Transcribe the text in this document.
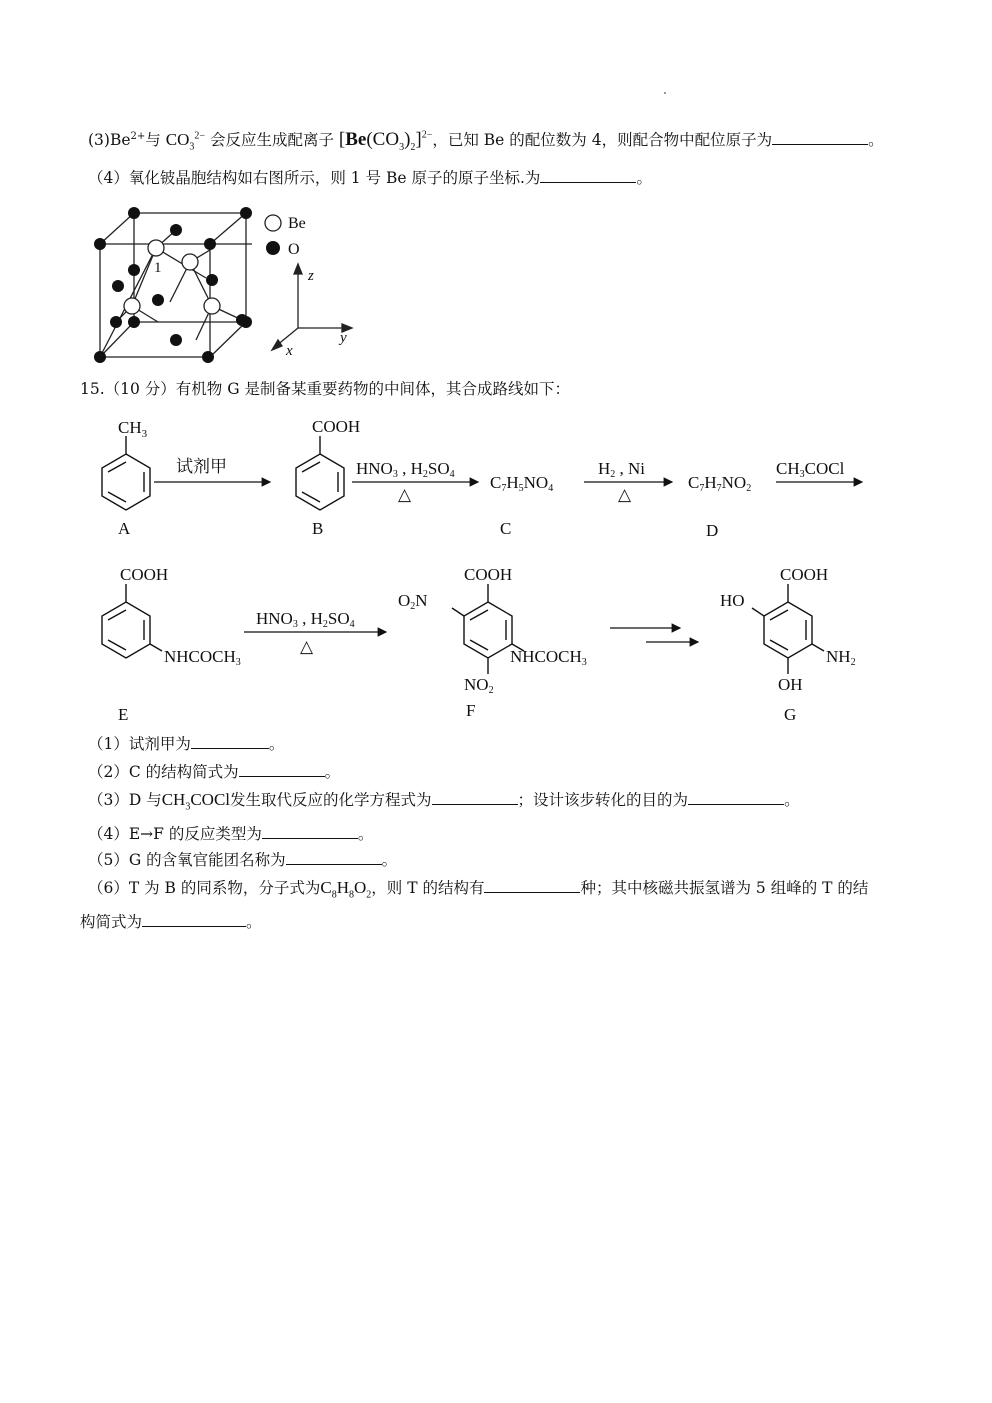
$(3)Be^{2+}$与 $CO_3^{2-}$ 会反应生成配离子 $[Be(CO_3)_2]^{2-}$，已知 Be 的配位数为 4，则配合物中配位原子为	。
（4）氧化铍晶胞结构如右图所示，则 1 号 Be 原子的原子坐标.为	。
1
Be
O
z
y
x
15.（10 分）有机物 G 是制备某重要药物的中间体，其合成路线如下：
$CH_3$
A
试剂甲
COOH
B
HNO3 , H2SO4
△
C7H5NO4
C
H2 , Ni
△
C7H7NO2
D
CH3COCl
COOH
NHCOCH3
E
HNO3 , H2SO4
△
COOH
O2N
NHCOCH3
NO2
F
COOH
HO
NH2
OH
G
（1）试剂甲为	。
（2）C 的结构简式为	。
（3）D 与$CH_3COCl$发生取代反应的化学方程式为	；设计该步转化的目的为	。
（4）E→F 的反应类型为	。
（5）G 的含氧官能团名称为	。
（6）T 为 B 的同系物，分子式为$C_8H_8O_2$，则 T 的结构有	种；其中核磁共振氢谱为 5 组峰的 T 的结
构简式为	。
